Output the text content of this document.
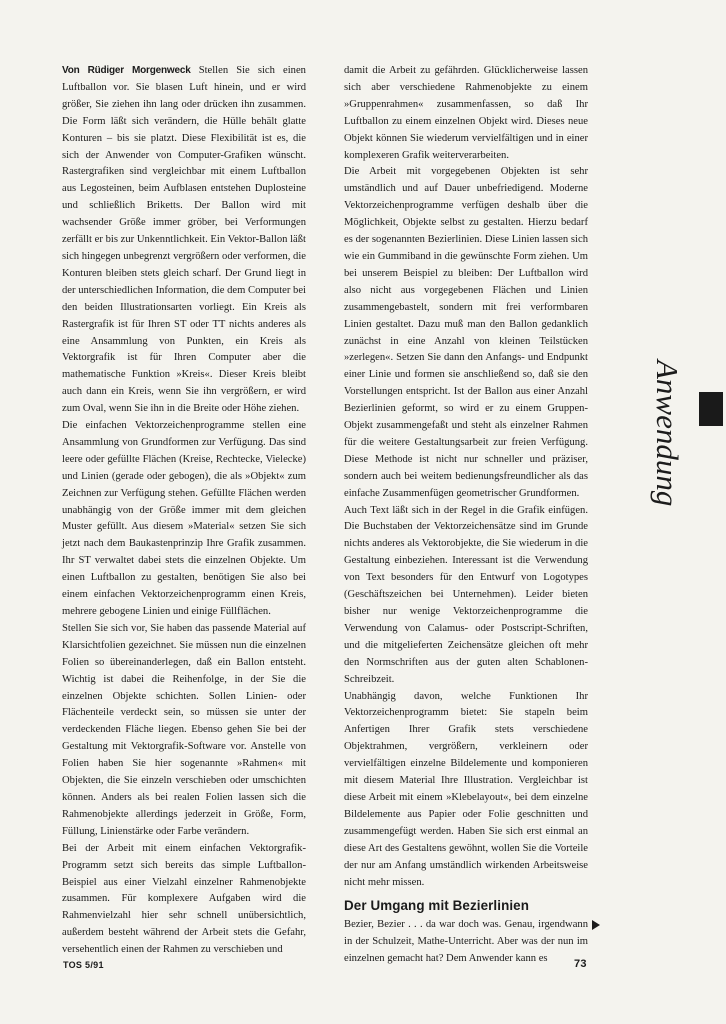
Von Rüdiger Morgenweck Stellen Sie sich einen Luftballon vor. Sie blasen Luft hinein, und er wird größer, Sie ziehen ihn lang oder drücken ihn zusammen. Die Form läßt sich verändern, die Hülle behält glatte Konturen – bis sie platzt. Diese Flexibilität ist es, die sich der Anwender von Computer-Grafiken wünscht. Rastergrafiken sind vergleichbar mit einem Luftballon aus Legosteinen, beim Aufblasen entstehen Duplosteine und schließlich Briketts. Der Ballon wird mit wachsender Größe immer gröber, bei Verformungen zerfällt er bis zur Unkenntlichkeit. Ein Vektor-Ballon läßt sich hingegen unbegrenzt vergrößern oder verformen, die Konturen bleiben stets gleich scharf. Der Grund liegt in der unterschiedlichen Information, die dem Computer bei den beiden Illustrationsarten vorliegt. Ein Kreis als Rastergrafik ist für Ihren ST oder TT nichts anderes als eine Ansammlung von Punkten, ein Kreis als Vektorgrafik ist für Ihren Computer aber die mathematische Funktion »Kreis«. Dieser Kreis bleibt auch dann ein Kreis, wenn Sie ihn vergrößern, er wird zum Oval, wenn Sie ihn in die Breite oder Höhe ziehen.

Die einfachen Vektorzeichenprogramme stellen eine Ansammlung von Grundformen zur Verfügung. Das sind leere oder gefüllte Flächen (Kreise, Rechtecke, Vielecke) und Linien (gerade oder gebogen), die als »Objekt« zum Zeichnen zur Verfügung stehen. Gefüllte Flächen werden unabhängig von der Größe immer mit dem gleichen Muster gefüllt. Aus diesem »Material« setzen Sie sich jetzt nach dem Baukastenprinzip Ihre Grafik zusammen. Ihr ST verwaltet dabei stets die einzelnen Objekte. Um einen Luftballon zu gestalten, benötigen Sie also bei einem einfachen Vektorzeichenprogramm einen Kreis, mehrere gebogene Linien und einige Füllflächen.

Stellen Sie sich vor, Sie haben das passende Material auf Klarsichtfolien gezeichnet. Sie müssen nun die einzelnen Folien so übereinanderlegen, daß ein Ballon entsteht. Wichtig ist dabei die Reihenfolge, in der Sie die einzelnen Objekte schichten. Sollen Linien- oder Flächenteile verdeckt sein, so müssen sie unter der verdeckenden Fläche liegen. Ebenso gehen Sie bei der Gestaltung mit Vektorgrafik-Software vor. Anstelle von Folien haben Sie hier sogenannte »Rahmen« mit Objekten, die Sie einzeln verschieben oder umschichten können. Anders als bei realen Folien lassen sich die Rahmenobjekte allerdings jederzeit in Größe, Form, Füllung, Linienstärke oder Farbe verändern.

Bei der Arbeit mit einem einfachen Vektorgrafik-Programm setzt sich bereits das simple Luftballon-Beispiel aus einer Vielzahl einzelner Rahmenobjekte zusammen. Für komplexere Aufgaben wird die Rahmenvielzahl hier sehr schnell unübersichtlich, außerdem besteht während der Arbeit stets die Gefahr, versehentlich einen der Rahmen zu verschieben und

damit die Arbeit zu gefährden. Glücklicherweise lassen sich aber verschiedene Rahmenobjekte zu einem »Gruppenrahmen« zusammenfassen, so daß Ihr Luftballon zu einem einzelnen Objekt wird. Dieses neue Objekt können Sie wiederum vervielfältigen und in einer komplexeren Grafik weiterverarbeiten.

Die Arbeit mit vorgegebenen Objekten ist sehr umständlich und auf Dauer unbefriedigend. Moderne Vektorzeichenprogramme verfügen deshalb über die Möglichkeit, Objekte selbst zu gestalten. Hierzu bedarf es der sogenannten Bezierlinien. Diese Linien lassen sich wie ein Gummiband in die gewünschte Form ziehen. Um bei unserem Beispiel zu bleiben: Der Luftballon wird also nicht aus vorgegebenen Flächen und Linien zusammengebastelt, sondern mit frei verformbaren Linien gestaltet. Dazu muß man den Ballon gedanklich zunächst in eine Anzahl von kleinen Teilstücken »zerlegen«. Setzen Sie dann den Anfangs- und Endpunkt einer Linie und formen sie anschließend so, daß sie den Vorstellungen entspricht. Ist der Ballon aus einer Anzahl Bezierlinien geformt, so wird er zu einem Gruppen-Objekt zusammengefaßt und steht als einzelner Rahmen für die weitere Gestaltungsarbeit zur freien Verfügung. Diese Methode ist nicht nur schneller und präziser, sondern auch bei weitem bedienungsfreundlicher als das einfache Zusammenfügen geometrischer Grundformen.

Auch Text läßt sich in der Regel in die Grafik einfügen. Die Buchstaben der Vektorzeichensätze sind im Grunde nichts anderes als Vektorobjekte, die Sie wiederum in die Gestaltung einbeziehen. Interessant ist die Verwendung von Text besonders für den Entwurf von Logotypes (Geschäftszeichen bei Unternehmen). Leider bieten bisher nur wenige Vektorzeichenprogramme die Verwendung von Calamus- oder Postscript-Schriften, und die mitgelieferten Zeichensätze gleichen oft mehr den Normschriften aus der guten alten Schablonen-Schreibzeit.

Unabhängig davon, welche Funktionen Ihr Vektorzeichenprogramm bietet: Sie stapeln beim Anfertigen Ihrer Grafik stets verschiedene Objektrahmen, vergrößern, verkleinern oder vervielfältigen einzelne Bildelemente und komponieren mit diesem Material Ihre Illustration. Vergleichbar ist diese Arbeit mit einem »Klebelayout«, bei dem einzelne Bildelemente aus Papier oder Folie geschnitten und zusammengefügt werden. Haben Sie sich erst einmal an diese Art des Gestaltens gewöhnt, wollen Sie die Vorteile der nur am Anfang umständlich wirkenden Arbeitsweise nicht mehr missen.

Der Umgang mit Bezierlinien

Bezier, Bezier . . . da war doch was. Genau, irgendwann in der Schulzeit, Mathe-Unterricht. Aber was der nun im einzelnen gemacht hat? Dem Anwender kann es

Anwendung
TOS 5/91	73
